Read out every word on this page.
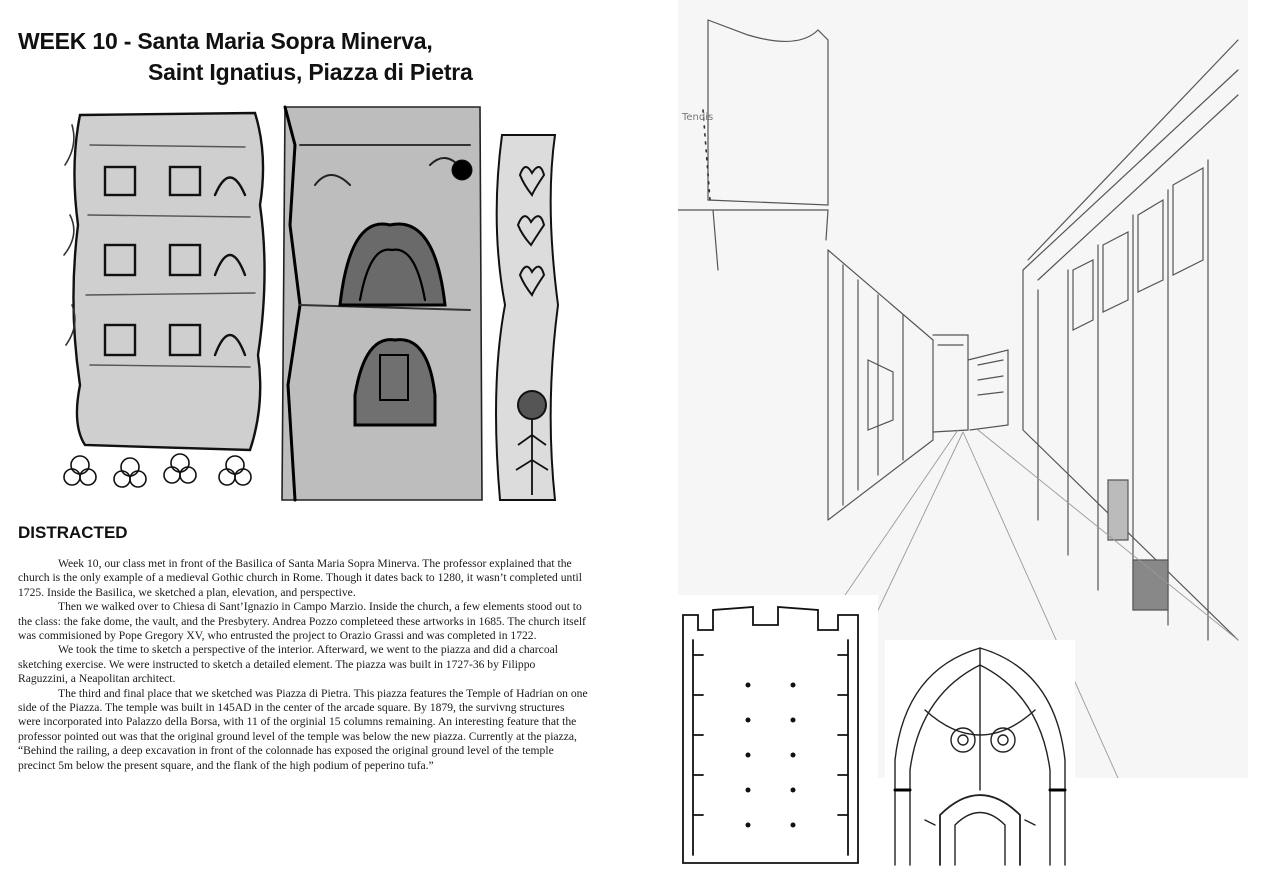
WEEK 10 - Santa Maria Sopra Minerva,
Saint Ignatius, Piazza di Pietra
DISTRACTED

Week 10, our class met in front of the Basilica of Santa Maria Sopra Minerva. The professor explained that the church is the only example of a medieval Gothic church in Rome. Though it dates back to 1280, it wasn’t completed until 1725. Inside the Basilica, we sketched a plan, elevation, and perspective.

Then we walked over to Chiesa di Sant’Ignazio in Campo Marzio. Inside the church, a few elements stood out to the class: the fake dome, the vault, and the Presbytery. Andrea Pozzo completeed these artworks in 1685. The church itself was commisioned by Pope Gregory XV, who entrusted the project to Orazio Grassi and was completed in 1722.

We took the time to sketch a perspective of the interior. Afterward, we went to the piazza and did a charcoal sketching exercise. We were instructed to sketch a detailed element. The piazza was built in 1727-36 by Filippo Raguzzini, a Neapolitan architect.

The third and final place that we sketched was Piazza di Pietra. This piazza features the Temple of Hadrian on one side of the Piazza. The temple was built in 145AD in the center of the arcade square. By 1879, the survivng structures were incorporated into Palazzo della Borsa, with 11 of the orginial 15 columns remaining. An interesting feature that the professor pointed out was that the original ground level of the temple was below the new piazza. Currently at the piazza, “Behind the railing, a deep excavation in front of the colonnade has exposed the original ground level of the temple precinct 5m below the present square, and the flank of the high podium of peperino tufa.”

Tendis
